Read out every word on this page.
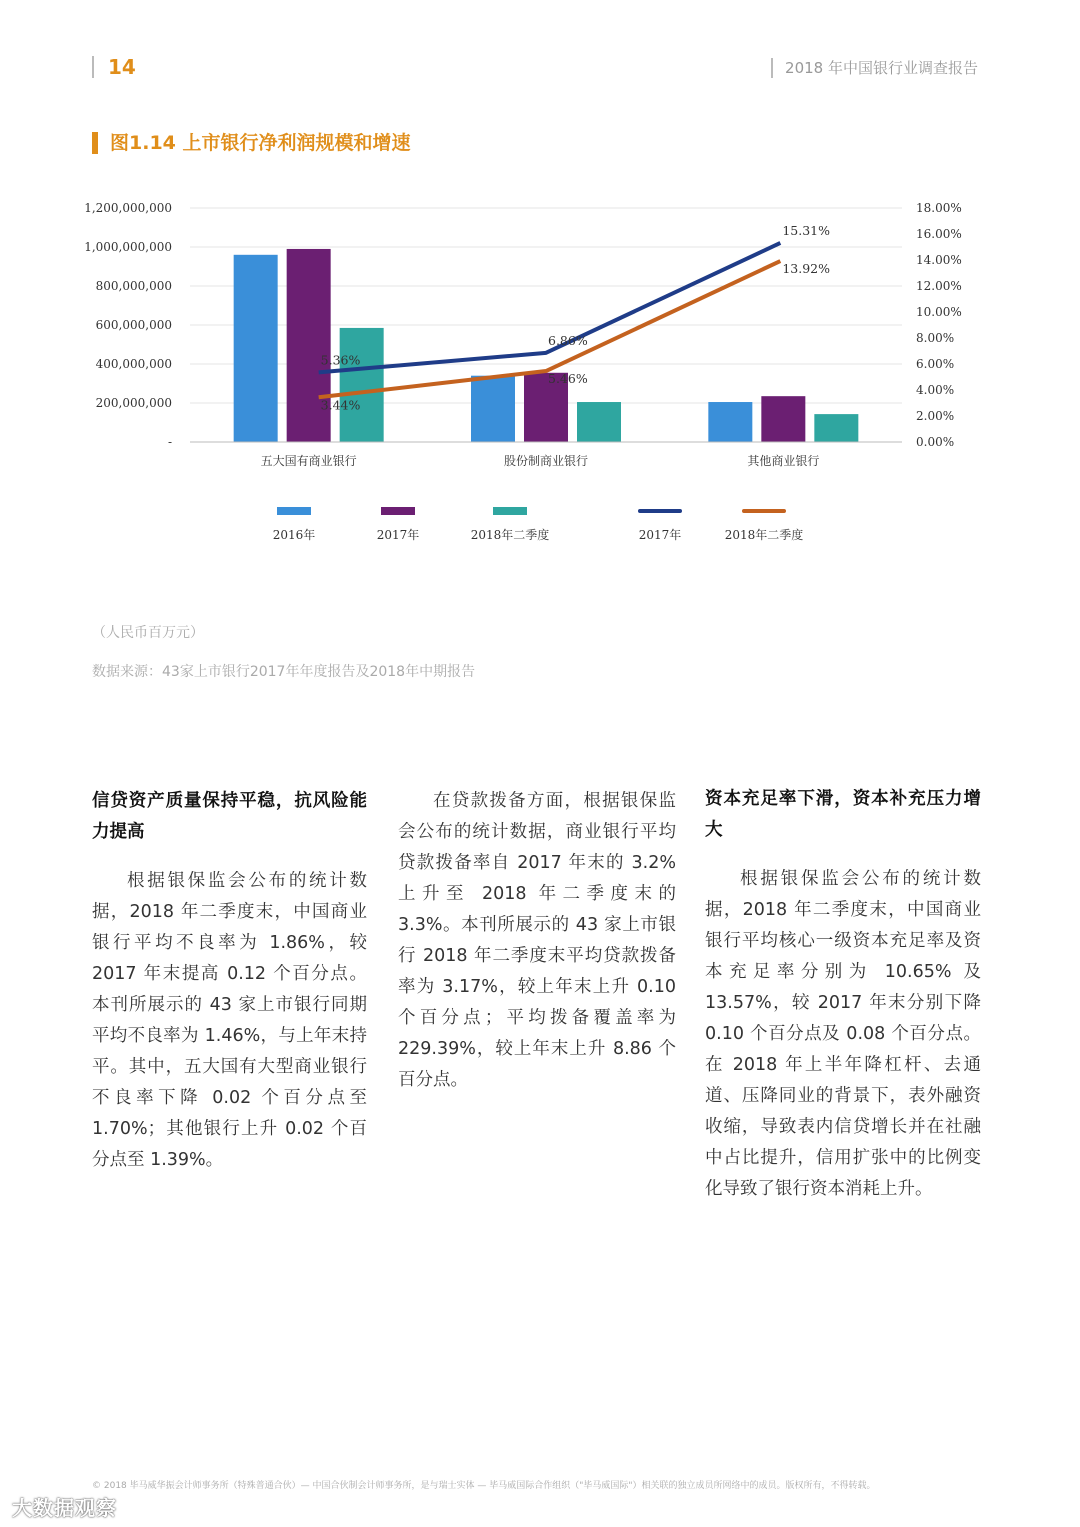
14	2018 年中国银行业调查报告
图1.14 上市银行净利润规模和增速
5.36%
6.86%
15.31%
3.44%
5.46%
13.92%
-
200,000,000
400,000,000
600,000,000
800,000,000
1,000,000,000
1,200,000,000
0.00%
2.00%
4.00%
6.00%
8.00%
10.00%
12.00%
14.00%
16.00%
18.00%
五大国有商业银行	股份制商业银行	其他商业银行
2016年	2017年	2018年二季度	2017年	2018年二季度
（人民币百万元）
数据来源：43家上市银行2017年年度报告及2018年中期报告
信贷资产质量保持平稳，抗风险能力提高

根据银保监会公布的统计数据，2018 年二季度末，中国商业银行平均不良率为 1.86%，较 2017 年末提高 0.12 个百分点。本刊所展示的 43 家上市银行同期平均不良率为 1.46%，与上年末持平。其中，五大国有大型商业银行不良率下降 0.02 个百分点至 1.70%；其他银行上升 0.02 个百分点至 1.39%。

在贷款拨备方面，根据银保监会公布的统计数据，商业银行平均贷款拨备率自 2017 年末的 3.2% 上升至 2018 年二季度末的 3.3%。本刊所展示的 43 家上市银行 2018 年二季度末平均贷款拨备率为 3.17%，较上年末上升 0.10 个百分点；平均拨备覆盖率为 229.39%，较上年末上升 8.86 个百分点。

资本充足率下滑，资本补充压力增大

根据银保监会公布的统计数据，2018 年二季度末，中国商业银行平均核心一级资本充足率及资本充足率分别为 10.65% 及 13.57%，较 2017 年末分别下降 0.10 个百分点及 0.08 个百分点。在 2018 年上半年降杠杆、去通道、压降同业的背景下，表外融资收缩，导致表内信贷增长并在社融中占比提升，信用扩张中的比例变化导致了银行资本消耗上升。

© 2018 毕马威华振会计师事务所（特殊普通合伙）— 中国合伙制会计师事务所，是与瑞士实体 — 毕马威国际合作组织（"毕马威国际"）相关联的独立成员所网络中的成员。版权所有，不得转载。
大数据观察
